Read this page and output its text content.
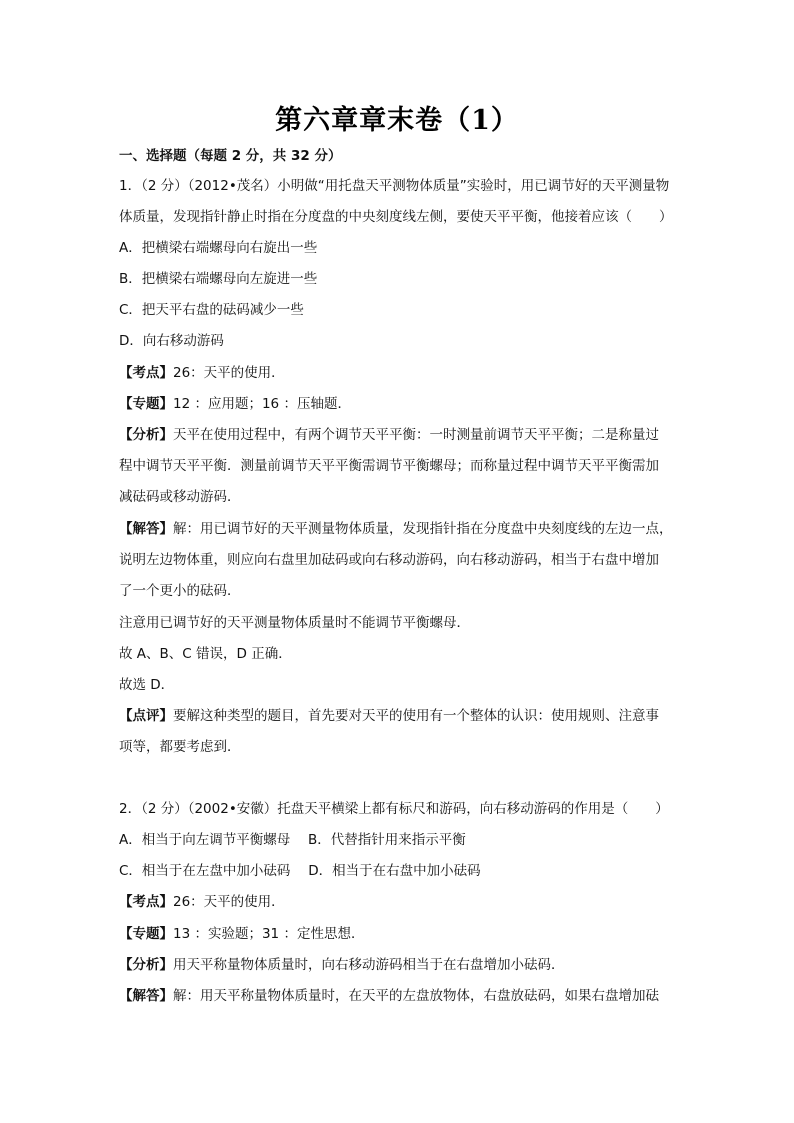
第六章章末卷（1）
一、选择题（每题 2 分，共 32 分）
1．（2 分）（2012•茂名）小明做“用托盘天平测物体质量”实验时，用已调节好的天平测量物
体质量，发现指针静止时指在分度盘的中央刻度线左侧，要使天平平衡，他接着应该（　　）
A．把横梁右端螺母向右旋出一些
B．把横梁右端螺母向左旋进一些
C．把天平右盘的砝码减少一些
D．向右移动游码
【考点】26：天平的使用．
【专题】12 ：应用题；16 ：压轴题．
【分析】天平在使用过程中，有两个调节天平平衡：一时测量前调节天平平衡；二是称量过
程中调节天平平衡．测量前调节天平平衡需调节平衡螺母；而称量过程中调节天平平衡需加
减砝码或移动游码．
【解答】解：用已调节好的天平测量物体质量，发现指针指在分度盘中央刻度线的左边一点，
说明左边物体重，则应向右盘里加砝码或向右移动游码，向右移动游码，相当于右盘中增加
了一个更小的砝码．
注意用已调节好的天平测量物体质量时不能调节平衡螺母．
故 A、B、C 错误，D 正确．
故选 D．
【点评】要解这种类型的题目，首先要对天平的使用有一个整体的认识：使用规则、注意事
项等，都要考虑到．
2．（2 分）（2002•安徽）托盘天平横梁上都有标尺和游码，向右移动游码的作用是（　　）
A．相当于向左调节平衡螺母　 B．代替指针用来指示平衡
C．相当于在左盘中加小砝码　 D．相当于在右盘中加小砝码
【考点】26：天平的使用．
【专题】13 ：实验题；31 ：定性思想．
【分析】用天平称量物体质量时，向右移动游码相当于在右盘增加小砝码．
【解答】解：用天平称量物体质量时，在天平的左盘放物体，右盘放砝码，如果右盘增加砝
